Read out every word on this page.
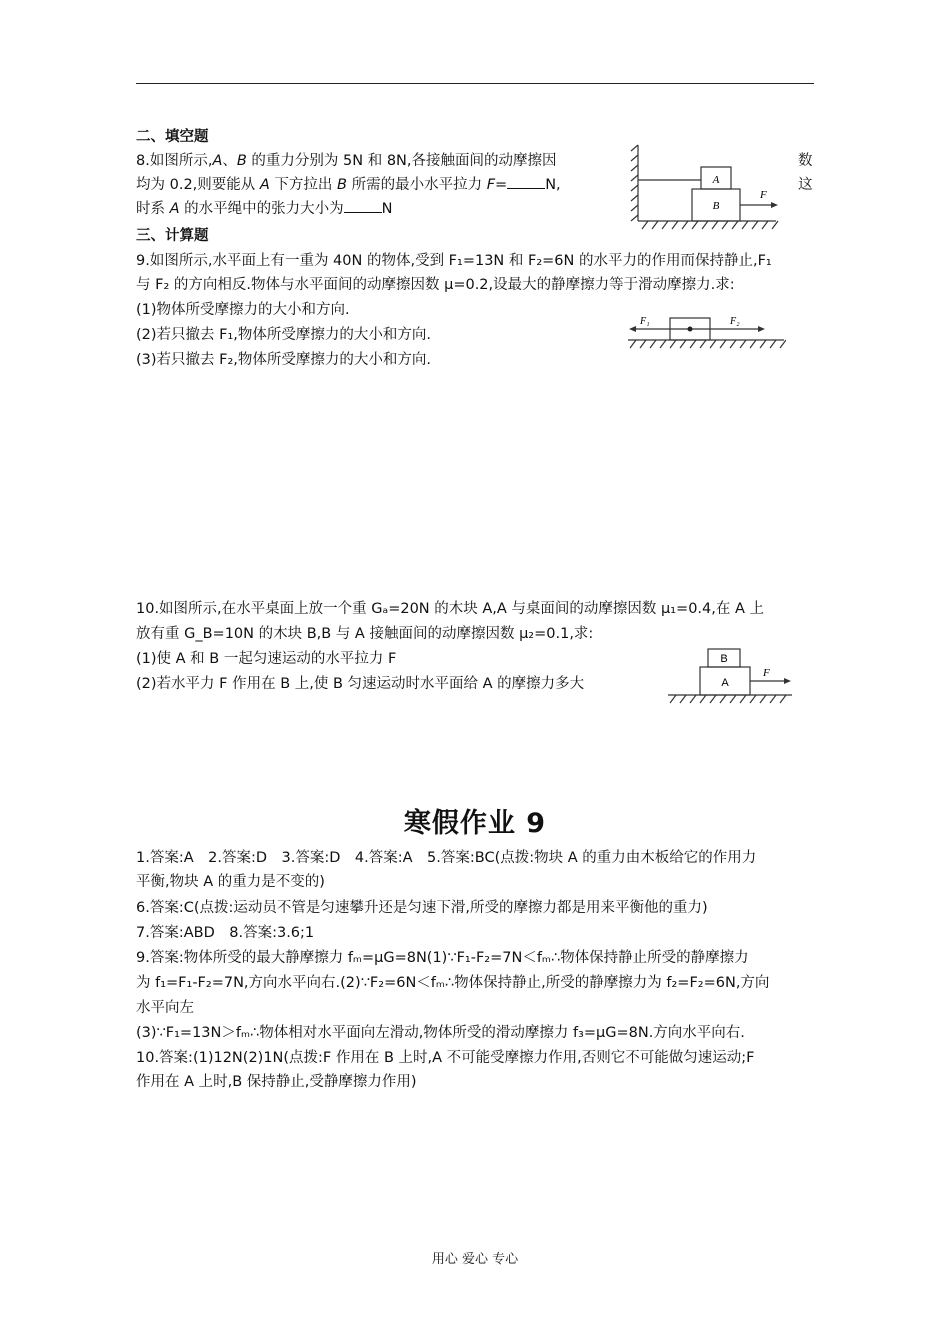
二、填空题
8.如图所示,A、B 的重力分别为 5N 和 8N,各接触面间的动摩擦因	数
均为 0.2,则要能从 A 下方拉出 B 所需的最小水平拉力 F=	N,	这
时系 A 的水平绳中的张力大小为	N
A
B
F
三、计算题
9.如图所示,水平面上有一重为 40N 的物体,受到 F₁=13N 和 F₂=6N 的水平力的作用而保持静止,F₁
与 F₂ 的方向相反.物体与水平面间的动摩擦因数 μ=0.2,设最大的静摩擦力等于滑动摩擦力.求:
(1)物体所受摩擦力的大小和方向.
(2)若只撤去 F₁,物体所受摩擦力的大小和方向.
(3)若只撤去 F₂,物体所受摩擦力的大小和方向.
F₁	F₂
10.如图所示,在水平桌面上放一个重 Gₐ=20N 的木块 A,A 与桌面间的动摩擦因数 μ₁=0.4,在 A 上
放有重 G_B=10N 的木块 B,B 与 A 接触面间的动摩擦因数 μ₂=0.1,求:
(1)使 A 和 B 一起匀速运动的水平拉力 F
(2)若水平力 F 作用在 B 上,使 B 匀速运动时水平面给 A 的摩擦力多大
B
A
F
寒假作业 9
1.答案:A　2.答案:D　3.答案:D　4.答案:A　5.答案:BC(点拨:物块 A 的重力由木板给它的作用力
平衡,物块 A 的重力是不变的)
6.答案:C(点拨:运动员不管是匀速攀升还是匀速下滑,所受的摩擦力都是用来平衡他的重力)
7.答案:ABD　8.答案:3.6;1
9.答案:物体所受的最大静摩擦力 fₘ=μG=8N(1)∵F₁-F₂=7N＜fₘ∴物体保持静止所受的静摩擦力
为 f₁=F₁-F₂=7N,方向水平向右.(2)∵F₂=6N＜fₘ∴物体保持静止,所受的静摩擦力为 f₂=F₂=6N,方向
水平向左
(3)∵F₁=13N＞fₘ∴物体相对水平面向左滑动,物体所受的滑动摩擦力 f₃=μG=8N.方向水平向右.
10.答案:(1)12N(2)1N(点拨:F 作用在 B 上时,A 不可能受摩擦力作用,否则它不可能做匀速运动;F
作用在 A 上时,B 保持静止,受静摩擦力作用)
用心 爱心 专心
